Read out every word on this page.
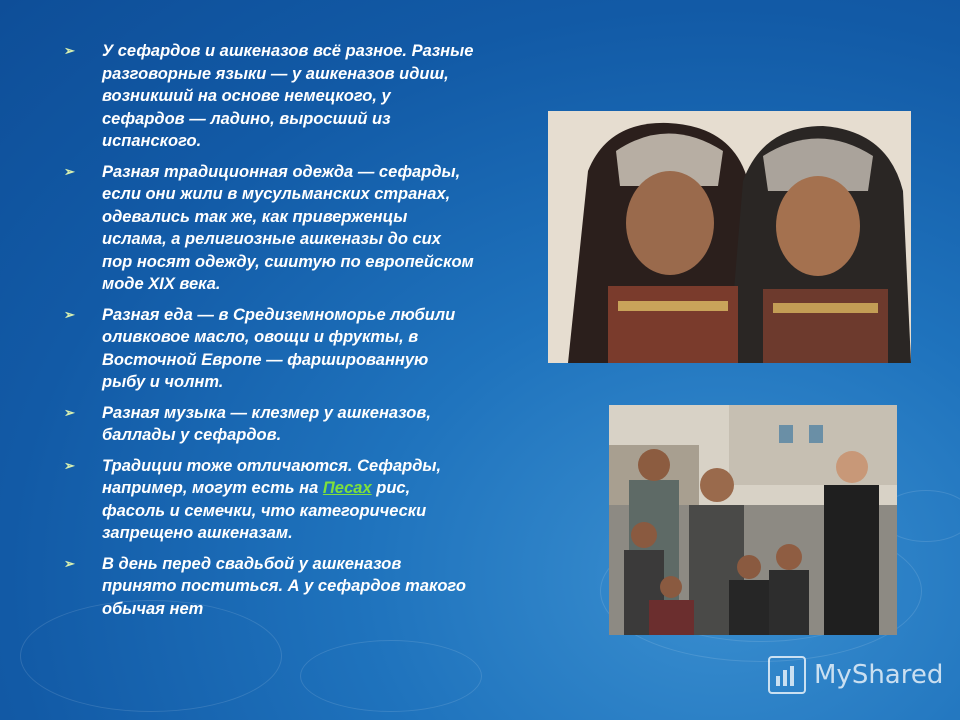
➢ У сефардов и ашкеназов всё разное. Разные разговорные языки — у ашкеназов идиш, возникший на основе немецкого, у сефардов — ладино, выросший из испанского.
➢ Разная традиционная одежда — сефарды, если они жили в мусульманских странах, одевались так же, как приверженцы ислама, а религиозные ашкеназы до сих пор носят одежду, сшитую по европейском моде XIX века.
➢ Разная еда — в Средиземноморье любили оливковое масло, овощи и фрукты, в Восточной Европе — фаршированную рыбу и чолнт.
➢ Разная музыка — клезмер у ашкеназов, баллады у сефардов.
➢ Традиции тоже отличаются. Сефарды, например, могут есть на Песах рис, фасоль и семечки, что категорически запрещено ашкеназам.
➢ В день перед свадьбой у ашкеназов принято поститься. А у сефардов такого обычая нет
MyShared
